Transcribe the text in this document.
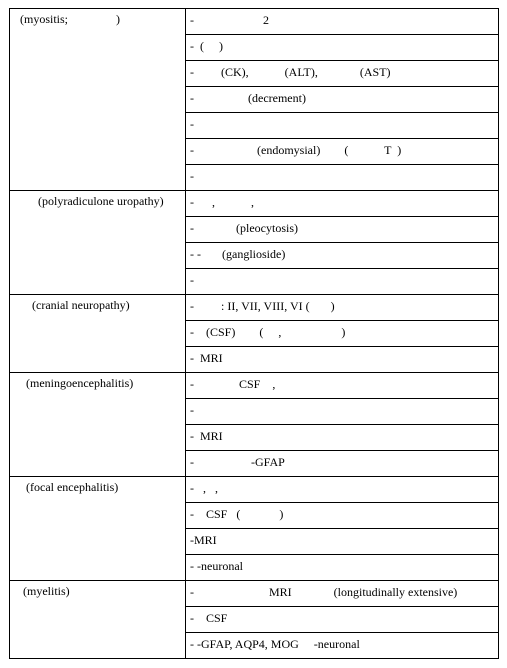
(myositis;                )	-                       2

	-  (     )

	-         (CK),            (ALT),              (AST)

	-                  (decrement)

	-

	-                     (endomysial)        (            T  )

	-

(polyradiculone uropathy)	-      ,            ,

	-              (pleocytosis)

	- -       (ganglioside)

	-

(cranial neuropathy)	-         : II, VII, VIII, VI (       )

	-    (CSF)        (     ,                    )

	-  MRI

(meningoencephalitis)	-               CSF    ,

	-

	-  MRI

	-                   -GFAP

(focal encephalitis)	-   ,   ,

	-    CSF   (             )

	-MRI

	- -neuronal

(myelitis)	-                         MRI              (longitudinally extensive)

	-    CSF

	- -GFAP, AQP4, MOG     -neuronal
